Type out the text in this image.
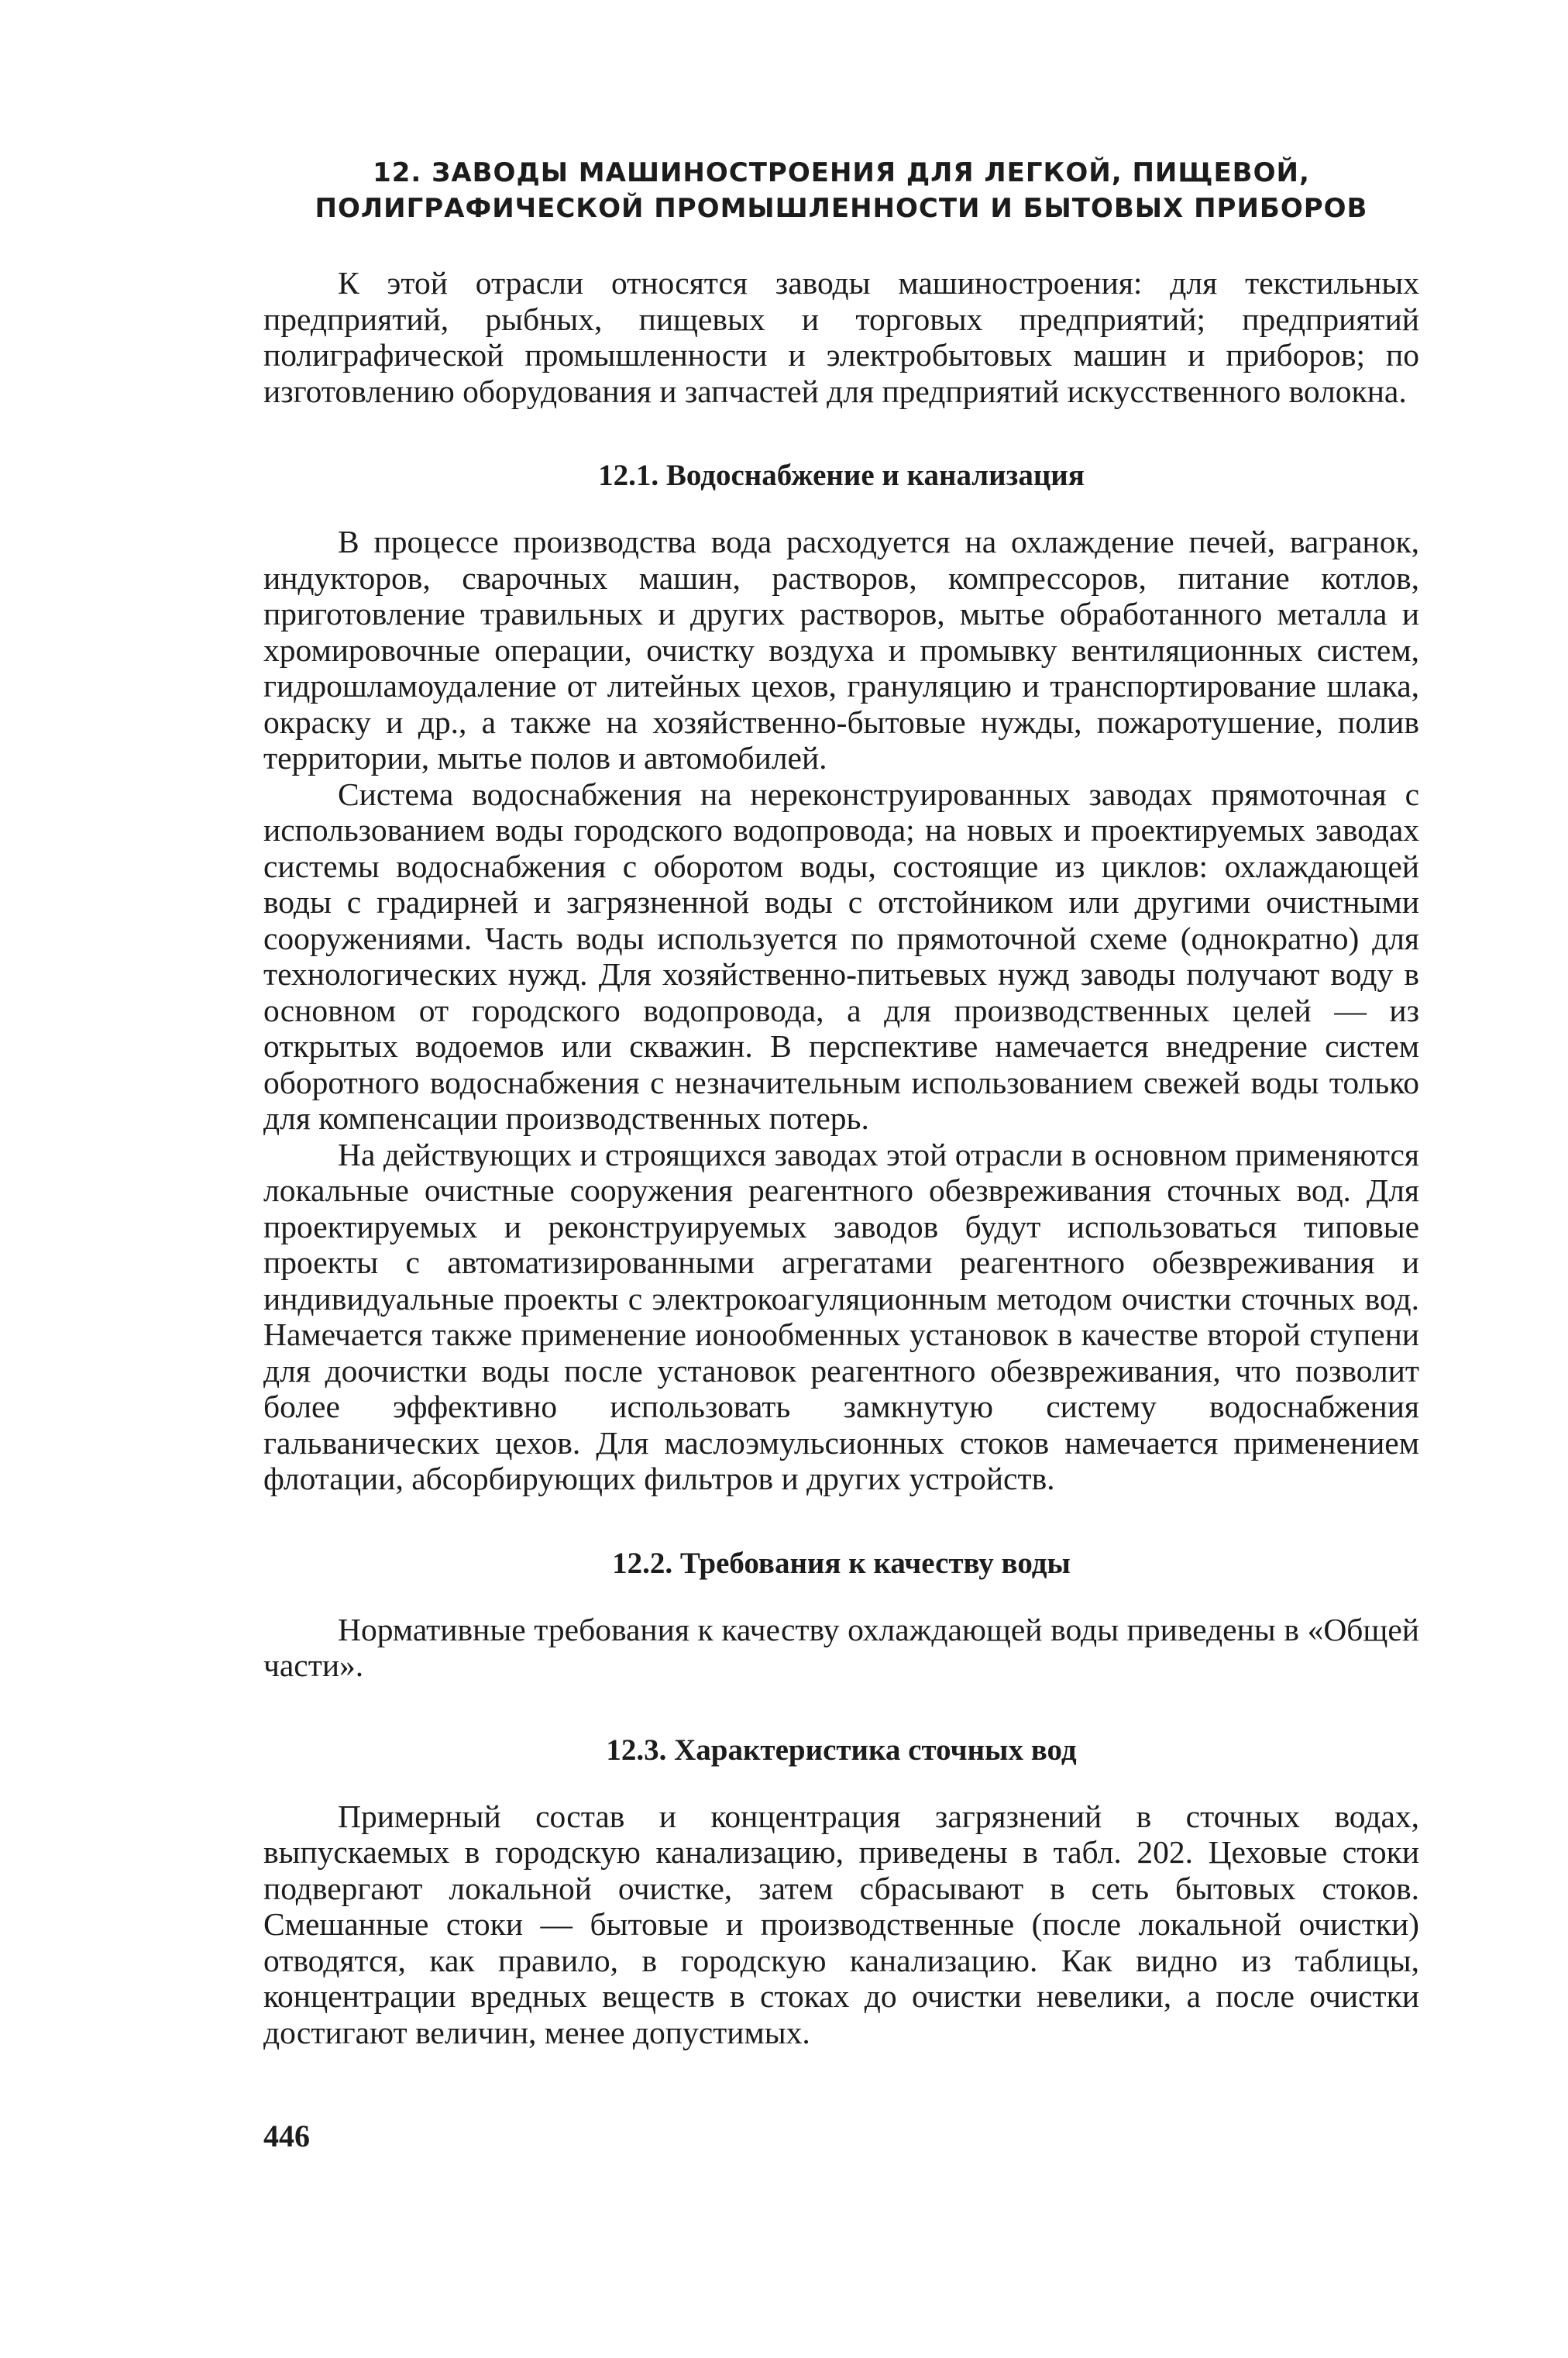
12. ЗАВОДЫ МАШИНОСТРОЕНИЯ ДЛЯ ЛЕГКОЙ, ПИЩЕВОЙ,
ПОЛИГРАФИЧЕСКОЙ ПРОМЫШЛЕННОСТИ И БЫТОВЫХ ПРИБОРОВ

К этой отрасли относятся заводы машиностроения: для текстильных предприятий, рыбных, пищевых и торговых предприятий; предприятий полиграфической промышленности и электробытовых машин и приборов; по изготовлению оборудования и запчастей для предприятий искусственного волокна.

12.1. Водоснабжение и канализация

В процессе производства вода расходуется на охлаждение печей, вагранок, индукторов, сварочных машин, растворов, компрессоров, питание котлов, приготовление травильных и других растворов, мытье обработанного металла и хромировочные операции, очистку воздуха и промывку вентиляционных систем, гидрошламоудаление от литейных цехов, грануляцию и транспортирование шлака, окраску и др., а также на хозяйственно-бытовые нужды, пожаротушение, полив территории, мытье полов и автомобилей.

Система водоснабжения на нереконструированных заводах прямоточная с использованием воды городского водопровода; на новых и проектируемых заводах системы водоснабжения с оборотом воды, состоящие из циклов: охлаждающей воды с градирней и загрязненной воды с отстойником или другими очистными сооружениями. Часть воды используется по прямоточной схеме (однократно) для технологических нужд. Для хозяйственно-питьевых нужд заводы получают воду в основном от городского водопровода, а для производственных целей — из открытых водоемов или скважин. В перспективе намечается внедрение систем оборотного водоснабжения с незначительным использованием свежей воды только для компенсации производственных потерь.

На действующих и строящихся заводах этой отрасли в основном применяются локальные очистные сооружения реагентного обезвреживания сточных вод. Для проектируемых и реконструируемых заводов будут использоваться типовые проекты с автоматизированными агрегатами реагентного обезвреживания и индивидуальные проекты с электрокоагуляционным методом очистки сточных вод. Намечается также применение ионообменных установок в качестве второй ступени для доочистки воды после установок реагентного обезвреживания, что позволит более эффективно использовать замкнутую систему водоснабжения гальванических цехов. Для маслоэмульсионных стоков намечается применением флотации, абсорбирующих фильтров и других устройств.

12.2. Требования к качеству воды

Нормативные требования к качеству охлаждающей воды приведены в «Общей части».

12.3. Характеристика сточных вод

Примерный состав и концентрация загрязнений в сточных водах, выпускаемых в городскую канализацию, приведены в табл. 202. Цеховые стоки подвергают локальной очистке, затем сбрасывают в сеть бытовых стоков. Смешанные стоки — бытовые и производственные (после локальной очистки) отводятся, как правило, в городскую канализацию. Как видно из таблицы, концентрации вредных веществ в стоках до очистки невелики, а после очистки достигают величин, менее допустимых.

446
